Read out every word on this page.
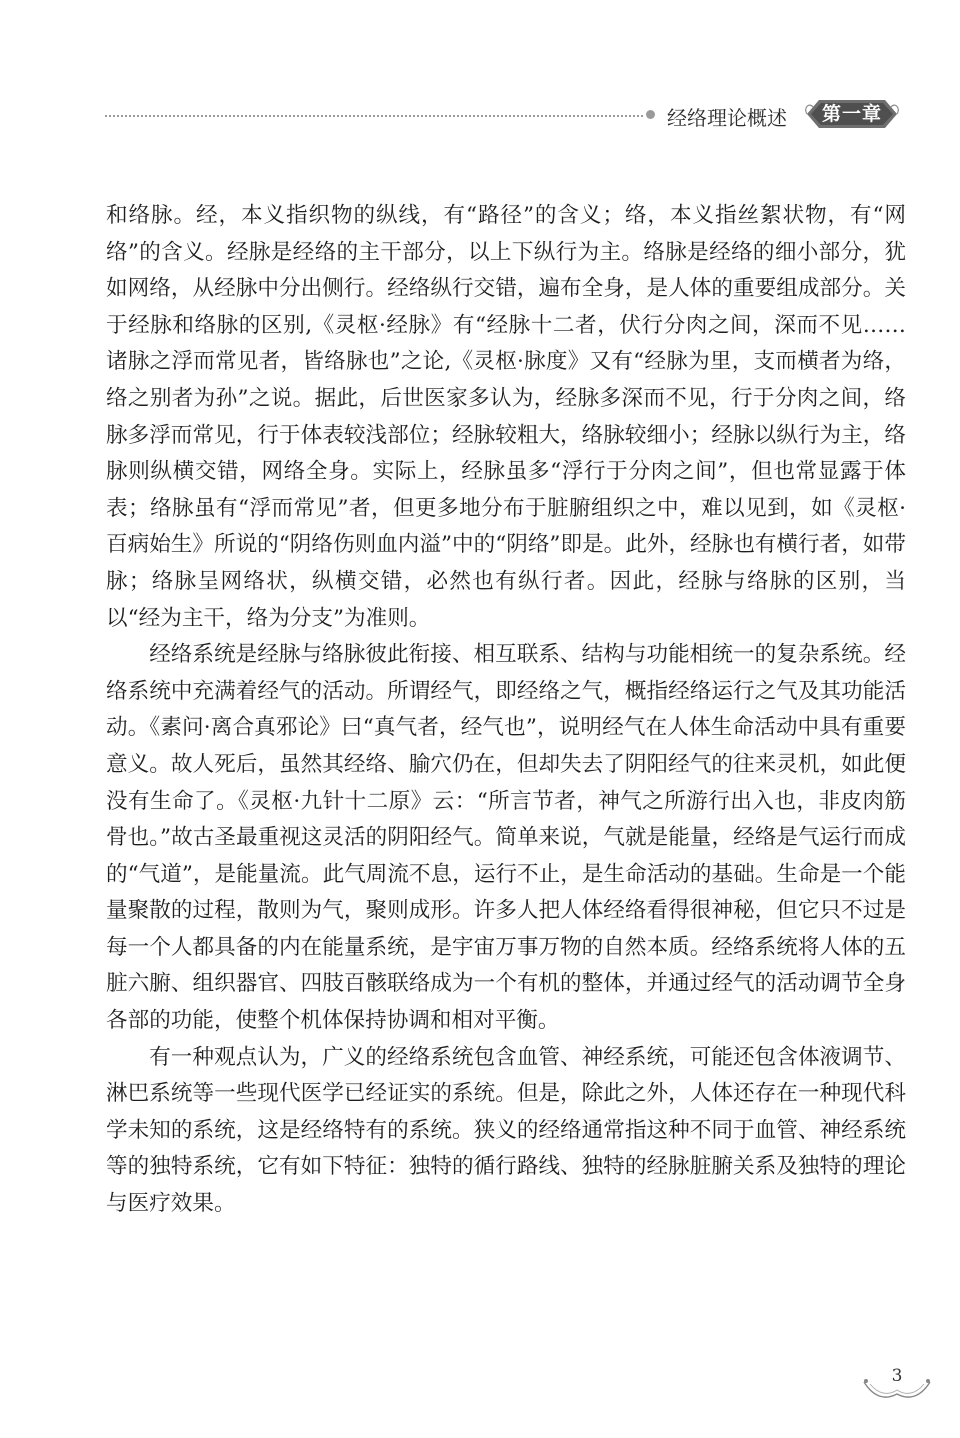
经络理论概述	第一章

和络脉。经，本义指织物的纵线，有“路径”的含义；络，本义指丝絮状物，有“网络”的含义。经脉是经络的主干部分，以上下纵行为主。络脉是经络的细小部分，犹如网络，从经脉中分出侧行。经络纵行交错，遍布全身，是人体的重要组成部分。关于经脉和络脉的区别,《灵枢·经脉》有“经脉十二者，伏行分肉之间，深而不见……诸脉之浮而常见者，皆络脉也”之论,《灵枢·脉度》又有“经脉为里，支而横者为络，络之别者为孙”之说。据此，后世医家多认为，经脉多深而不见，行于分肉之间，络脉多浮而常见，行于体表较浅部位；经脉较粗大，络脉较细小；经脉以纵行为主，络脉则纵横交错，网络全身。实际上，经脉虽多“浮行于分肉之间”，但也常显露于体表；络脉虽有“浮而常见”者，但更多地分布于脏腑组织之中，难以见到，如《灵枢·百病始生》所说的“阴络伤则血内溢”中的“阴络”即是。此外，经脉也有横行者，如带脉；络脉呈网络状，纵横交错，必然也有纵行者。因此，经脉与络脉的区别，当以“经为主干，络为分支”为准则。

经络系统是经脉与络脉彼此衔接、相互联系、结构与功能相统一的复杂系统。经络系统中充满着经气的活动。所谓经气，即经络之气，概指经络运行之气及其功能活动。《素问·离合真邪论》曰“真气者，经气也”，说明经气在人体生命活动中具有重要意义。故人死后，虽然其经络、腧穴仍在，但却失去了阴阳经气的往来灵机，如此便没有生命了。《灵枢·九针十二原》云：“所言节者，神气之所游行出入也，非皮肉筋骨也。”故古圣最重视这灵活的阴阳经气。简单来说，气就是能量，经络是气运行而成的“气道”，是能量流。此气周流不息，运行不止，是生命活动的基础。生命是一个能量聚散的过程，散则为气，聚则成形。许多人把人体经络看得很神秘，但它只不过是每一个人都具备的内在能量系统，是宇宙万事万物的自然本质。经络系统将人体的五脏六腑、组织器官、四肢百骸联络成为一个有机的整体，并通过经气的活动调节全身各部的功能，使整个机体保持协调和相对平衡。

有一种观点认为，广义的经络系统包含血管、神经系统，可能还包含体液调节、淋巴系统等一些现代医学已经证实的系统。但是，除此之外，人体还存在一种现代科学未知的系统，这是经络特有的系统。狭义的经络通常指这种不同于血管、神经系统等的独特系统，它有如下特征：独特的循行路线、独特的经脉脏腑关系及独特的理论与医疗效果。

3
